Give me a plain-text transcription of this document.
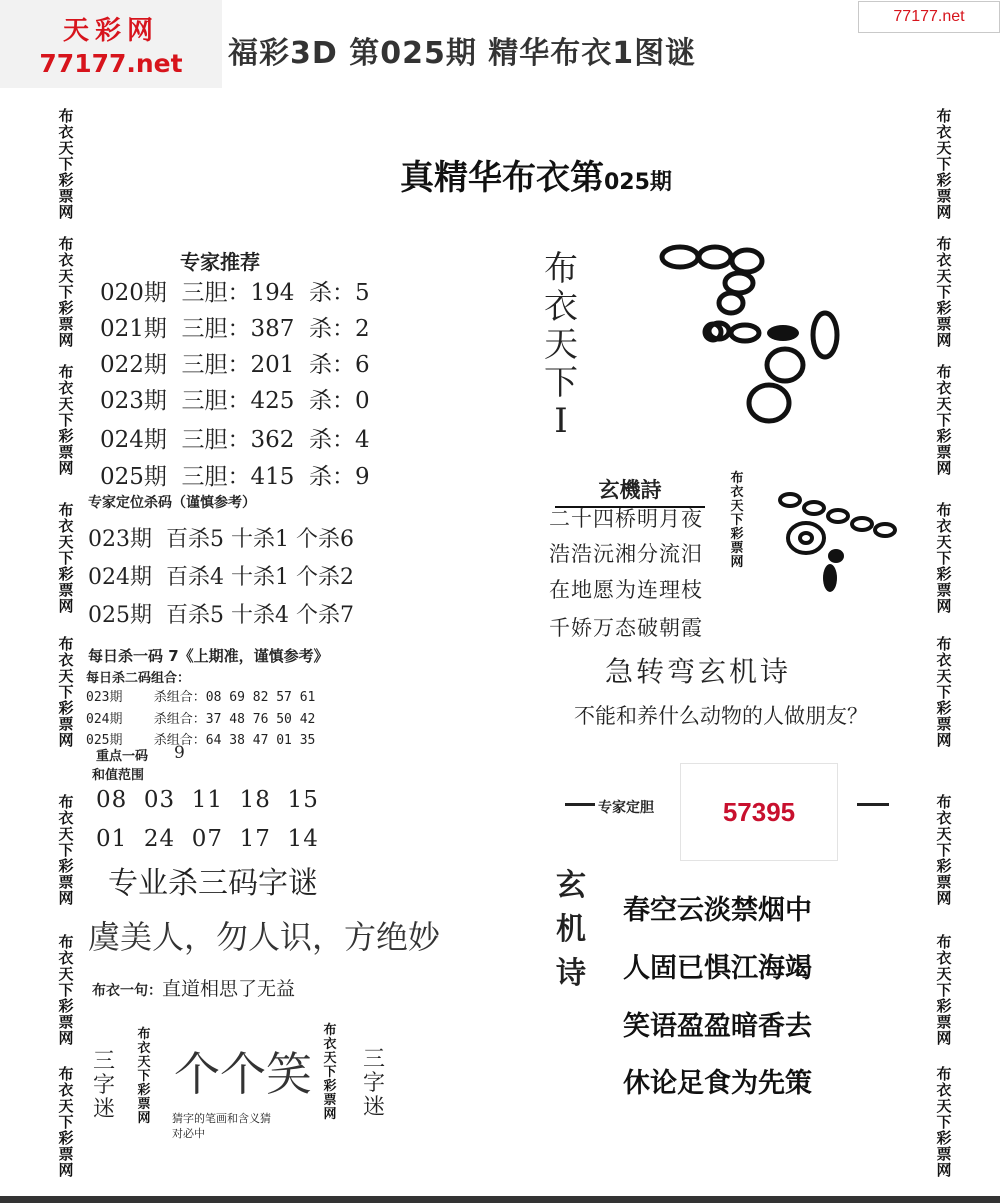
天彩网
77177.net
77177.net
福彩3D 第025期 精华布衣1图谜
布衣天下彩票网
布衣天下彩票网
布衣天下彩票网
布衣天下彩票网
布衣天下彩票网
布衣天下彩票网
布衣天下彩票网
布衣天下彩票网
布衣天下彩票网
布衣天下彩票网
布衣天下彩票网
布衣天下彩票网
布衣天下彩票网
布衣天下彩票网
布衣天下彩票网
布衣天下彩票网
真精华布衣第025期
专家推荐
020期  三胆：194  杀：5
021期  三胆：387  杀：2
022期  三胆：201  杀：6
023期  三胆：425  杀：0
024期  三胆：362  杀：4
025期  三胆：415  杀：9
专家定位杀码（谨慎参考）
023期  百杀5 十杀1 个杀6
024期  百杀4 十杀1 个杀2
025期  百杀5 十杀4 个杀7
每日杀一码 7《上期准，谨慎参考》
每日杀二码组合：
023期    杀组合：08 69 82 57 61
024期    杀组合：37 48 76 50 42
025期    杀组合：64 38 47 01 35
重点一码 9
和值范围
08  03  11  18  15
01  24  07  17  14
专业杀三码字谜
虞美人，勿人识，方绝妙
布衣一句：直道相思了无益
三字迷
布衣天下彩票网
个个笑
猜字的笔画和含义猜
对必中
布衣天下彩票网
三字迷
布衣天下I
玄機詩
二十四桥明月夜
浩浩沅湘分流汨
在地愿为连理枝
千娇万态破朝霞
布衣天下彩票网
急转弯玄机诗
不能和养什么动物的人做朋友？
专家定胆	57395
玄机诗
春空云淡禁烟中
人固已惧江海竭
笑语盈盈暗香去
休论足食为先策
